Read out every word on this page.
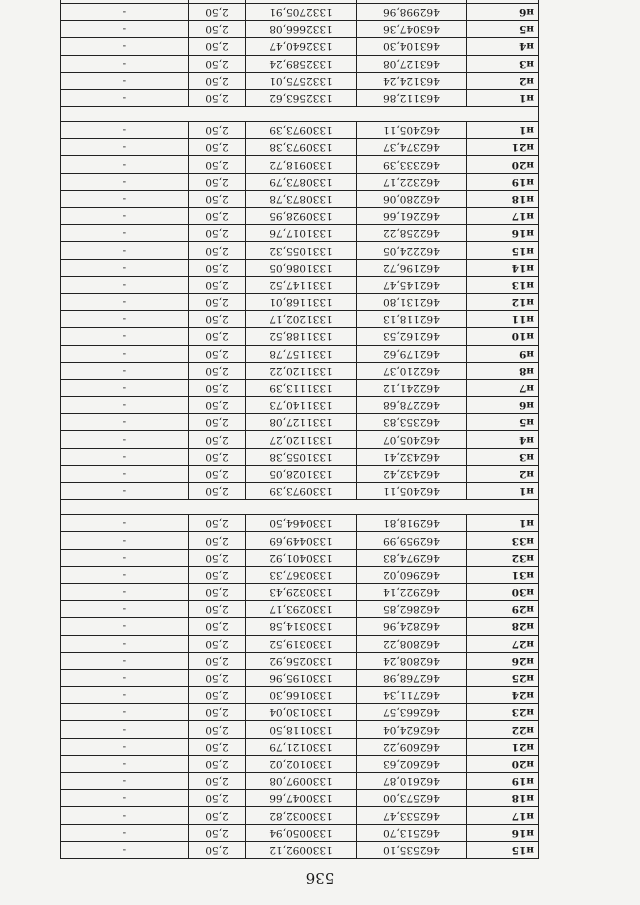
536
н15	462535,10	1330092,12	2,50	-
н16	462513,70	1330050,94	2,50	-
н17	462533,47	1330032,82	2,50	-
н18	462573,00	1330047,66	2,50	-
н19	462610,87	1330097,08	2,50	-
н20	462602,63	1330102,02	2,50	-
н21	462609,22	1330121,79	2,50	-
н22	462624,04	1330118,50	2,50	-
н23	462663,57	1330130,04	2,50	-
н24	462711,34	1330166,30	2,50	-
н25	462768,98	1330195,96	2,50	-
н26	462808,24	1330256,92	2,50	-
н27	462808,22	1330319,52	2,50	-
н28	462824,96	1330314,58	2,50	-
н29	462862,85	1330293,17	2,50	-
н30	462922,14	1330329,43	2,50	-
н31	462960,02	1330367,33	2,50	-
н32	462974,83	1330401,92	2,50	-
н33	462959,99	1330449,69	2,50	-
н1	462918,81	1330464,50	2,50	-

н1	462405,11	1330973,39	2,50	-
н2	462432,42	1331028,05	2,50	-
н3	462432,41	1331055,38	2,50	-
н4	462405,07	1331120,27	2,50	-
н5	462353,83	1331127,08	2,50	-
н6	462278,68	1331140,73	2,50	-
н7	462241,12	1331113,39	2,50	-
н8	462210,37	1331120,22	2,50	-
н9	462179,62	1331157,78	2,50	-
н10	462162,53	1331188,52	2,50	-
н11	462118,13	1331202,17	2,50	-
н12	462131,80	1331168,01	2,50	-
н13	462145,47	1331147,52	2,50	-
н14	462196,72	1331086,05	2,50	-
н15	462224,05	1331055,32	2,50	-
н16	462258,22	1331017,76	2,50	-
н17	462261,66	1330928,95	2,50	-
н18	462280,06	1330873,78	2,50	-
н19	462322,17	1330873,79	2,50	-
н20	462333,39	1330918,72	2,50	-
н21	462374,37	1330973,38	2,50	-
н1	462405,11	1330973,39	2,50	-

н1	463112,86	1332563,62	2,50	-
н2	463124,24	1332575,01	2,50	-
н3	463127,08	1332589,24	2,50	-
н4	463104,30	1332640,47	2,50	-
н5	463047,36	1332666,08	2,50	-
н6	462998,96	1332705,91	2,50	-
